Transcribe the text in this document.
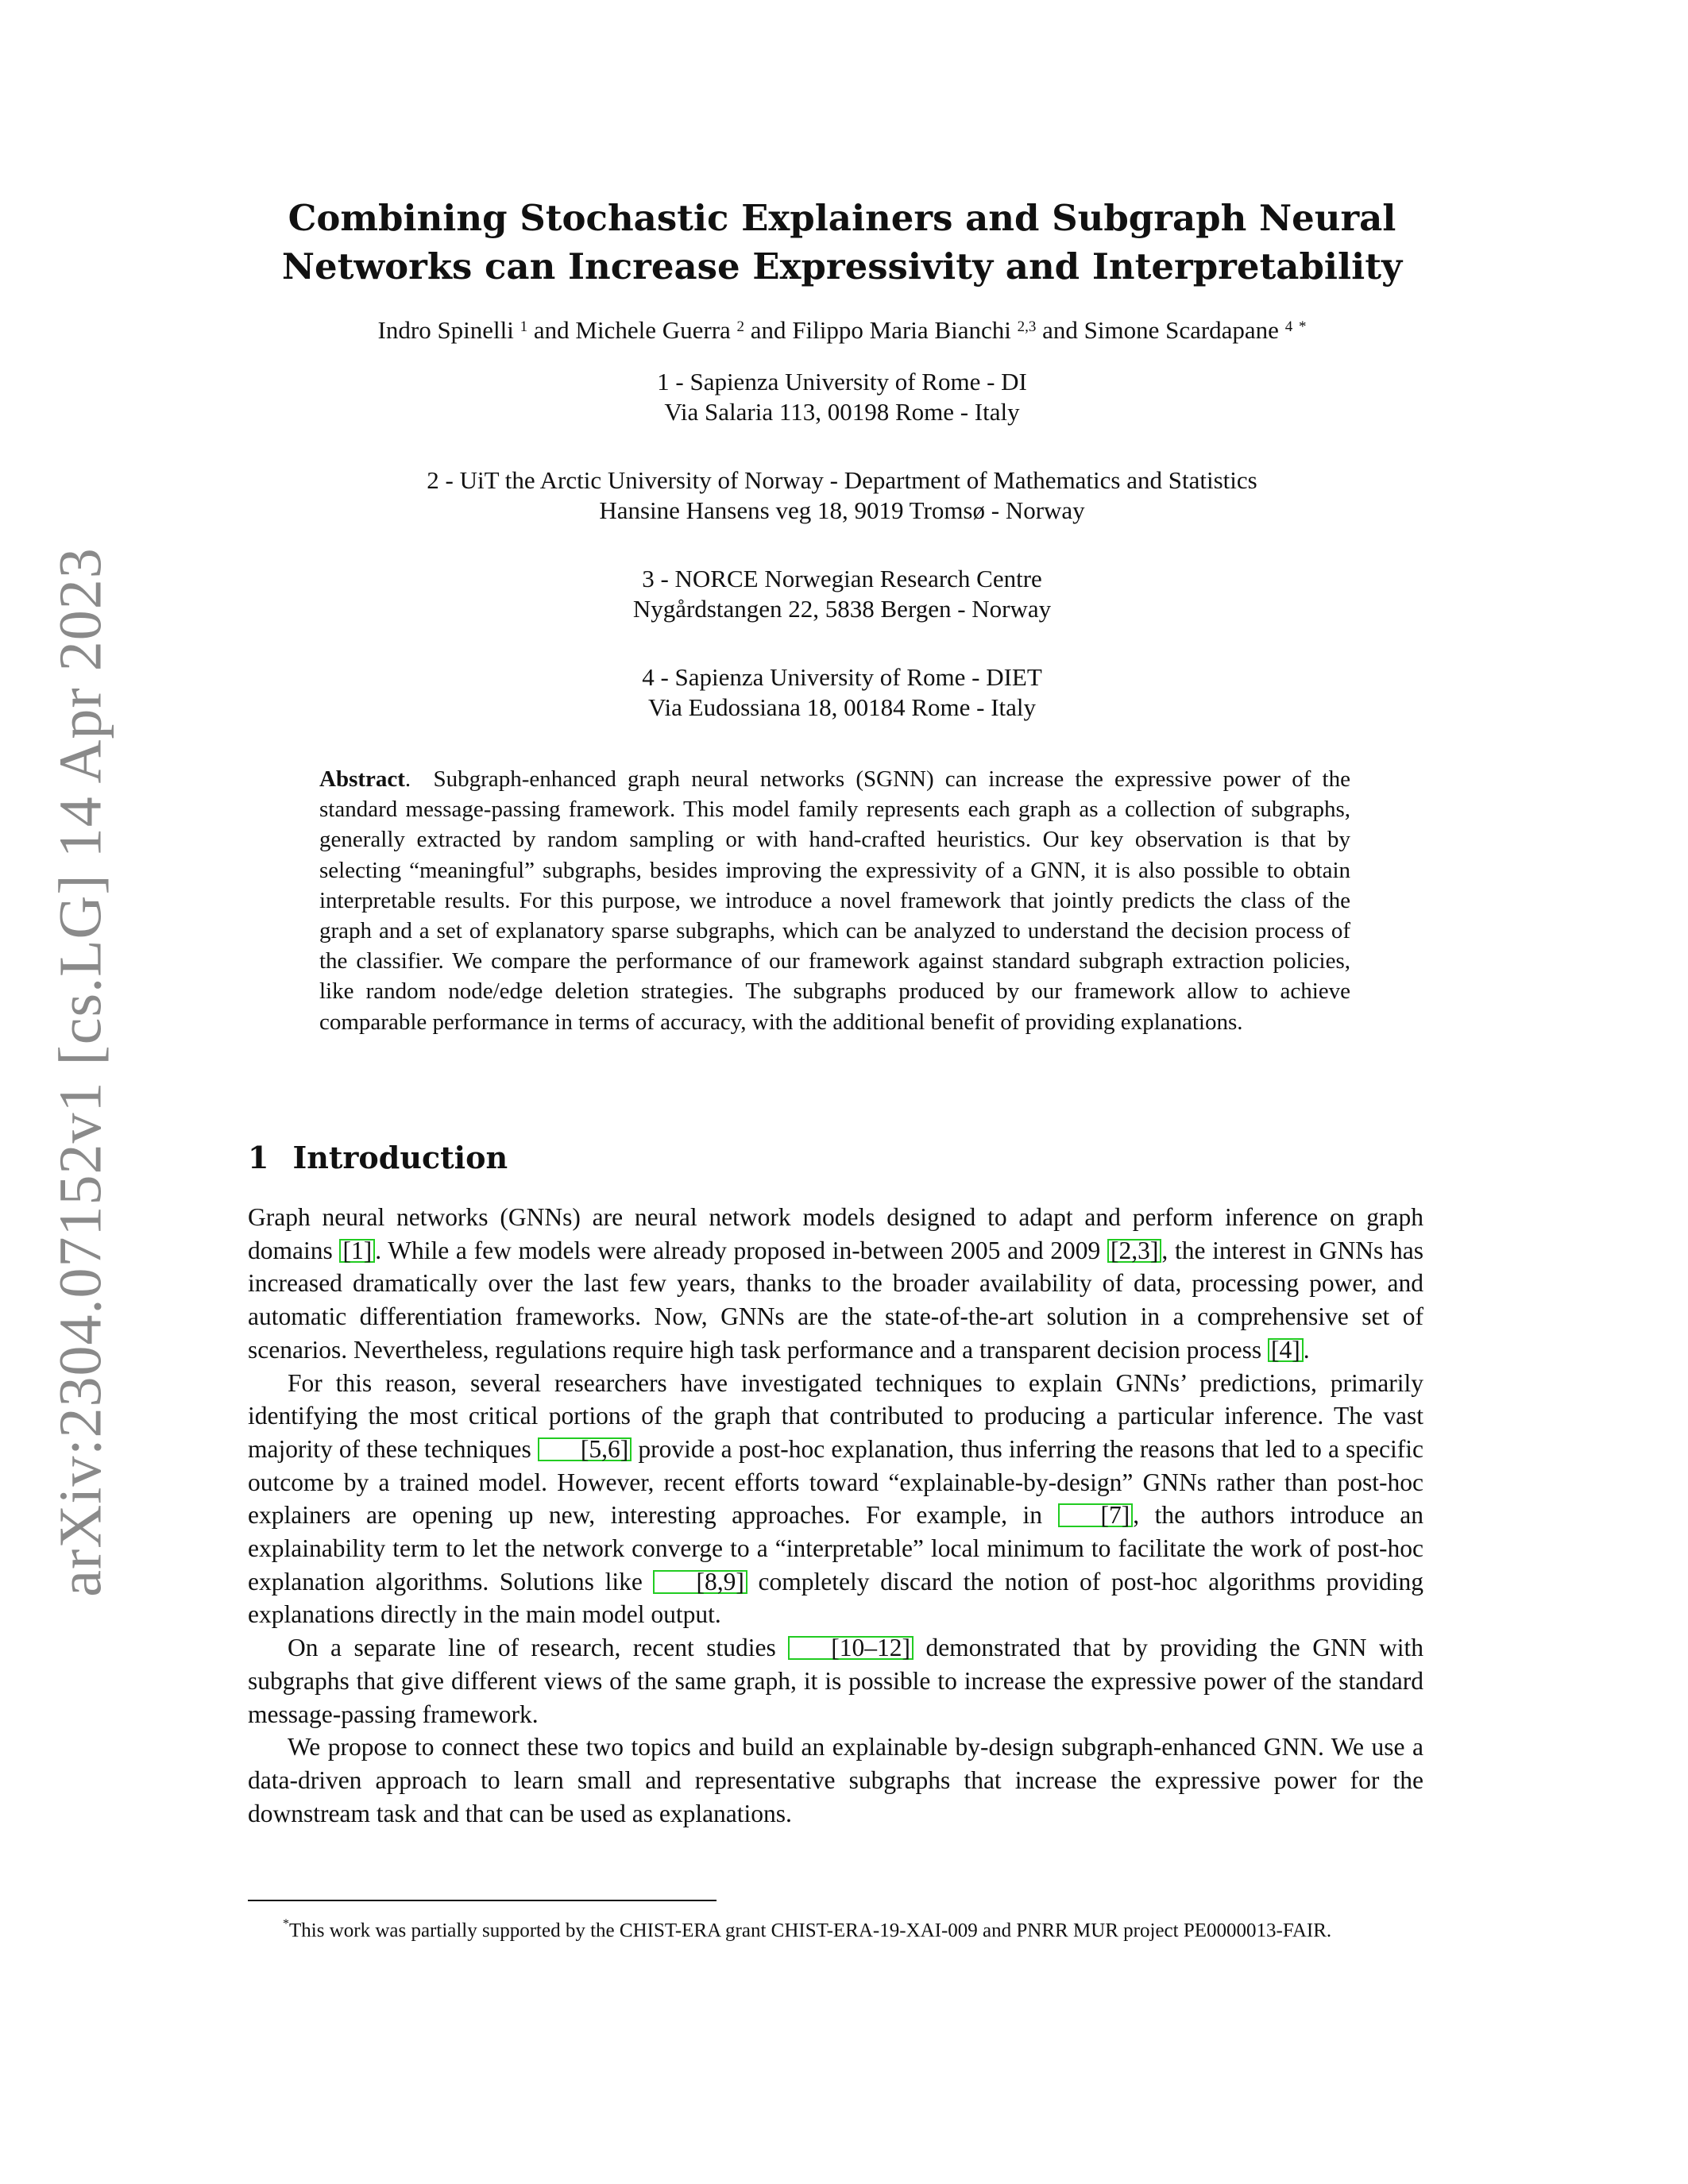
arXiv:2304.07152v1 [cs.LG] 14 Apr 2023
Combining Stochastic Explainers and Subgraph Neural
Networks can Increase Expressivity and Interpretability
Indro Spinelli $^1$ and Michele Guerra $^2$ and Filippo Maria Bianchi $^{2,3}$ and Simone Scardapane $^4$ *
1 - Sapienza University of Rome - DI
Via Salaria 113, 00198 Rome - Italy
2 - UiT the Arctic University of Norway - Department of Mathematics and Statistics
Hansine Hansens veg 18, 9019 Tromsø - Norway
3 - NORCE Norwegian Research Centre
Nygårdstangen 22, 5838 Bergen - Norway
4 - Sapienza University of Rome - DIET
Via Eudossiana 18, 00184 Rome - Italy
Abstract.  Subgraph-enhanced graph neural networks (SGNN) can increase the expressive power of the standard message-passing framework. This model family represents each graph as a collection of subgraphs, generally extracted by random sampling or with hand-crafted heuristics. Our key observation is that by selecting “meaningful” subgraphs, besides improving the expressivity of a GNN, it is also possible to obtain interpretable results. For this purpose, we introduce a novel framework that jointly predicts the class of the graph and a set of explanatory sparse subgraphs, which can be analyzed to understand the decision process of the classifier. We compare the performance of our framework against standard subgraph extraction policies, like random node/edge deletion strategies. The subgraphs produced by our framework allow to achieve comparable performance in terms of accuracy, with the additional benefit of providing explanations.
1 Introduction

Graph neural networks (GNNs) are neural network models designed to adapt and perform inference on graph domains [1] . While a few models were already proposed in-between 2005 and 2009 [2,3] , the interest in GNNs has increased dramatically over the last few years, thanks to the broader availability of data, processing power, and automatic differentiation frameworks. Now, GNNs are the state-of-the-art solution in a comprehensive set of scenarios. Nevertheless, regulations require high task performance and a transparent decision process [4] .

For this reason, several researchers have investigated techniques to explain GNNs’ predictions, primarily identifying the most critical portions of the graph that contributed to producing a particular inference. The vast majority of these techniques [5,6] provide a post-hoc explanation, thus inferring the reasons that led to a specific outcome by a trained model. However, recent efforts toward “explainable-by-design” GNNs rather than post-hoc explainers are opening up new, interesting approaches. For example, in [7] , the authors introduce an explainability term to let the network converge to a “interpretable” local minimum to facilitate the work of post-hoc explanation algorithms. Solutions like [8,9] completely discard the notion of post-hoc algorithms providing explanations directly in the main model output.

On a separate line of research, recent studies [10–12] demonstrated that by providing the GNN with subgraphs that give different views of the same graph, it is possible to increase the expressive power of the standard message-passing framework.

We propose to connect these two topics and build an explainable by-design subgraph-enhanced GNN. We use a data-driven approach to learn small and representative subgraphs that increase the expressive power for the downstream task and that can be used as explanations.

*This work was partially supported by the CHIST-ERA grant CHIST-ERA-19-XAI-009 and PNRR MUR project PE0000013-FAIR.
